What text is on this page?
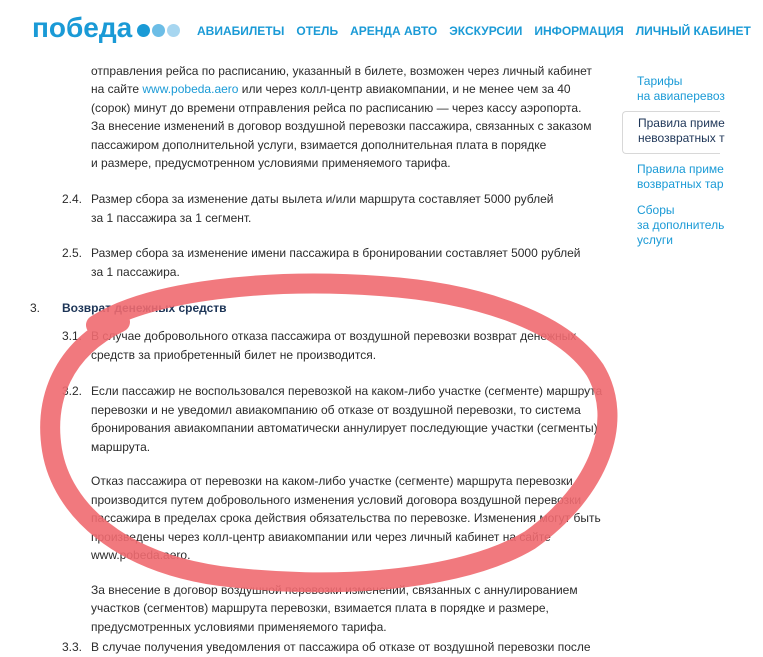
победа	АВИАБИЛЕТЫ ОТЕЛЬ АРЕНДА АВТО ЭКСКУРСИИ ИНФОРМАЦИЯ ЛИЧНЫЙ КАБИНЕТ
Тарифы
на авиаперевоз
Правила приме
невозвратных т
Правила приме
возвратных тар
Сборы
за дополнитель
услуги
отправления рейса по расписанию, указанный в билете, возможен через личный кабинет
на сайте www.pobeda.aero или через колл-центр авиакомпании, и не менее чем за 40
(сорок) минут до времени отправления рейса по расписанию — через кассу аэропорта.
За внесение изменений в договор воздушной перевозки пассажира, связанных с заказом
пассажиром дополнительной услуги, взимается дополнительная плата в порядке
и размере, предусмотренном условиями применяемого тарифа.
2.4. Размер сбора за изменение даты вылета и/или маршрута составляет 5000 рублей
за 1 пассажира за 1 сегмент.
2.5. Размер сбора за изменение имени пассажира в бронировании составляет 5000 рублей
за 1 пассажира.
3. Возврат денежных средств
3.1. В случае добровольного отказа пассажира от воздушной перевозки возврат денежных
средств за приобретенный билет не производится.
3.2. Если пассажир не воспользовался перевозкой на каком-либо участке (сегменте) маршрута
перевозки и не уведомил авиакомпанию об отказе от воздушной перевозки, то система
бронирования авиакомпании автоматически аннулирует последующие участки (сегменты)
маршрута.
Отказ пассажира от перевозки на каком-либо участке (сегменте) маршрута перевозки
производится путем добровольного изменения условий договора воздушной перевозки
пассажира в пределах срока действия обязательства по перевозке. Изменения могут быть
произведены через колл-центр авиакомпании или через личный кабинет на сайте
www.pobeda.aero.
За внесение в договор воздушной перевозки изменений, связанных с аннулированием
участков (сегментов) маршрута перевозки, взимается плата в порядке и размере,
предусмотренных условиями применяемого тарифа.
3.3. В случае получения уведомления от пассажира об отказе от воздушной перевозки после
